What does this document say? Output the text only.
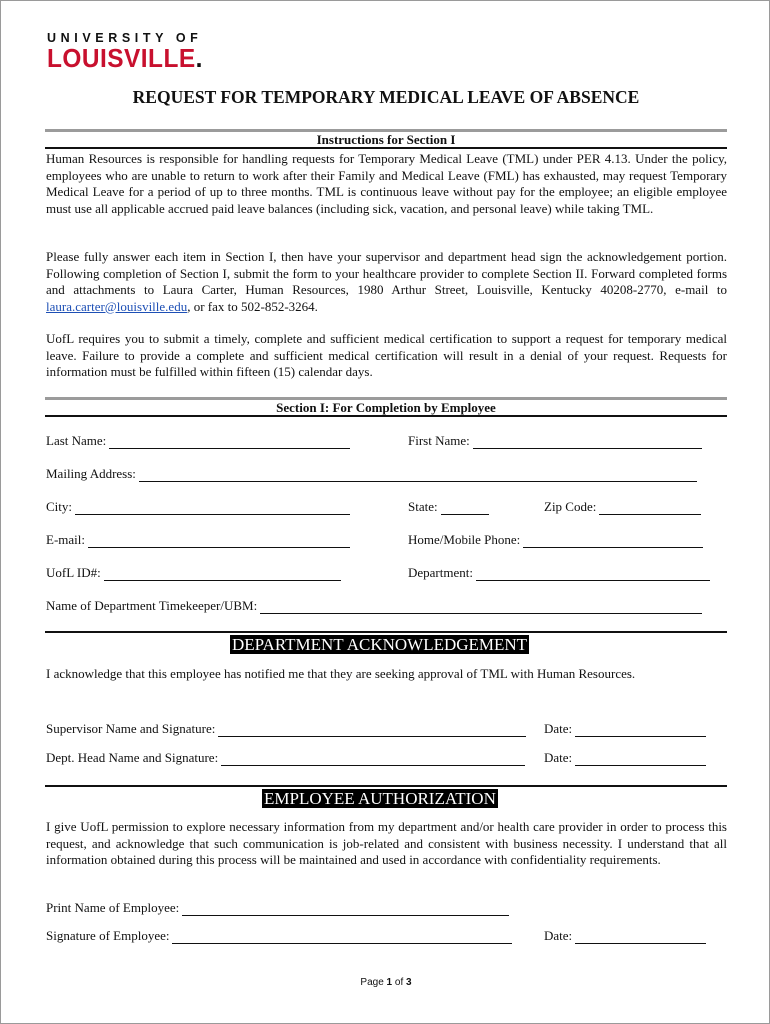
UNIVERSITY OF
LOUISVILLE.
REQUEST FOR TEMPORARY MEDICAL LEAVE OF ABSENCE
Instructions for Section I

Human Resources is responsible for handling requests for Temporary Medical Leave (TML) under PER 4.13. Under the policy, employees who are unable to return to work after their Family and Medical Leave (FML) has exhausted, may request Temporary Medical Leave for a period of up to three months. TML is continuous leave without pay for the employee; an eligible employee must use all applicable accrued paid leave balances (including sick, vacation, and personal leave) while taking TML.

Please fully answer each item in Section I, then have your supervisor and department head sign the acknowledgement portion. Following completion of Section I, submit the form to your healthcare provider to complete Section II. Forward completed forms and attachments to Laura Carter, Human Resources, 1980 Arthur Street, Louisville, Kentucky 40208-2770, e-mail to laura.carter@louisville.edu, or fax to 502-852-3264.

UofL requires you to submit a timely, complete and sufficient medical certification to support a request for temporary medical leave. Failure to provide a complete and sufficient medical certification will result in a denial of your request. Requests for information must be fulfilled within fifteen (15) calendar days.

Section I: For Completion by Employee
Last Name:	First Name:
Mailing Address:
City:	State:	Zip Code:
E-mail:	Home/Mobile Phone:
UofL ID#:	Department:
Name of Department Timekeeper/UBM:
DEPARTMENT ACKNOWLEDGEMENT

I acknowledge that this employee has notified me that they are seeking approval of TML with Human Resources.

Supervisor Name and Signature:	Date:
Dept. Head Name and Signature:	Date:
EMPLOYEE AUTHORIZATION

I give UofL permission to explore necessary information from my department and/or health care provider in order to process this request, and acknowledge that such communication is job-related and consistent with business necessity. I understand that all information obtained during this process will be maintained and used in accordance with confidentiality requirements.

Print Name of Employee:
Signature of Employee:	Date:
Page 1 of 3
